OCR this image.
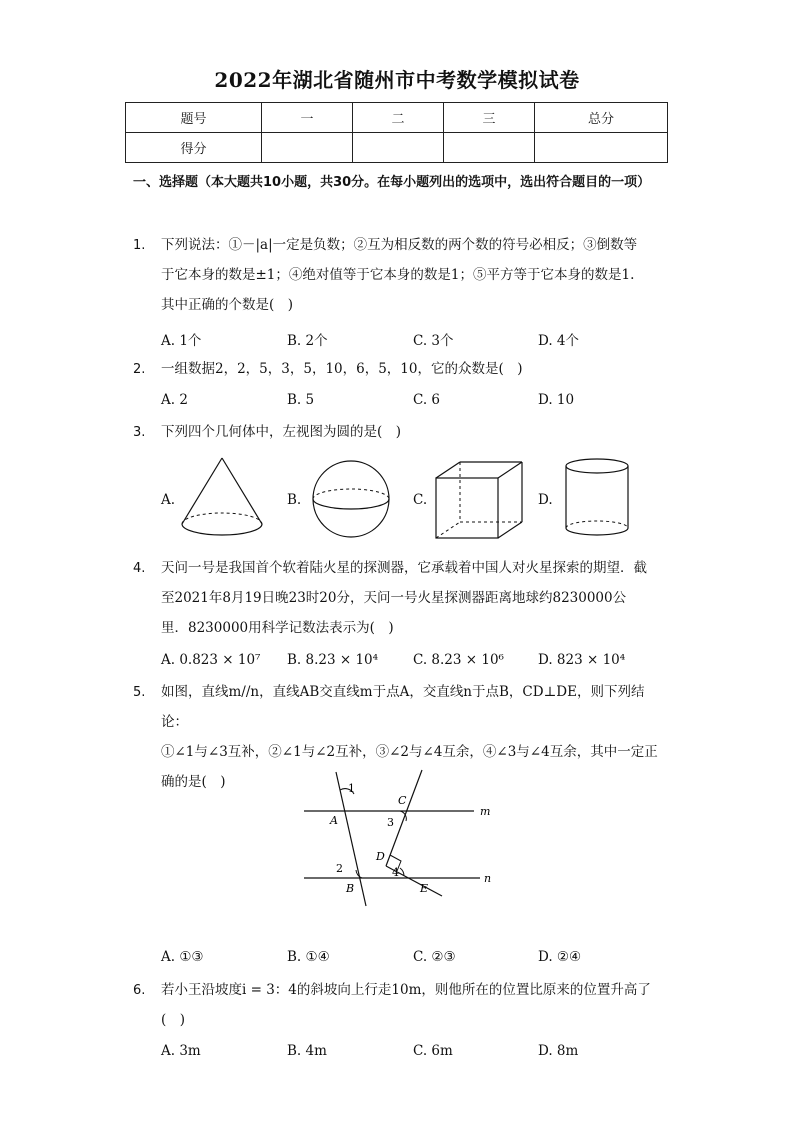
2022年湖北省随州市中考数学模拟试卷
题号	一	二	三	总分
得分				
一、选择题（本大题共10小题，共30分。在每小题列出的选项中，选出符合题目的一项）
1. 下列说法：①－|a|一定是负数；②互为相反数的两个数的符号必相反；③倒数等
于它本身的数是±1；④绝对值等于它本身的数是1；⑤平方等于它本身的数是1.
其中正确的个数是(　)
A. 1个	B. 2个	C. 3个	D. 4个
2. 一组数据2，2，5，3，5，10，6，5，10，它的众数是(　)
A. 2	B. 5	C. 6	D. 10
3. 下列四个几何体中，左视图为圆的是(　)
A.	B.	C.	D.
4. 天问一号是我国首个软着陆火星的探测器，它承载着中国人对火星探索的期望．截
至2021年8月19日晚23时20分，天问一号火星探测器距离地球约8230000公
里．8230000用科学记数法表示为(　)
A. 0.823 × 10⁷ B. 8.23 × 10⁴	C. 8.23 × 10⁶	D. 823 × 10⁴
5. 如图，直线m//n，直线AB交直线m于点A，交直线n于点B，CD⊥DE，则下列结论：
①∠1与∠3互补，②∠1与∠2互补，③∠2与∠4互余，④∠3与∠4互余，其中一定正
确的是(　)	1
A
C
3
m
D
2	4
B	E
n
A. ①③	B. ①④	C. ②③	D. ②④
6. 若小王沿坡度i = 3：4的斜坡向上行走10m，则他所在的位置比原来的位置升高了
(　)
A. 3m	B. 4m	C. 6m	D. 8m
